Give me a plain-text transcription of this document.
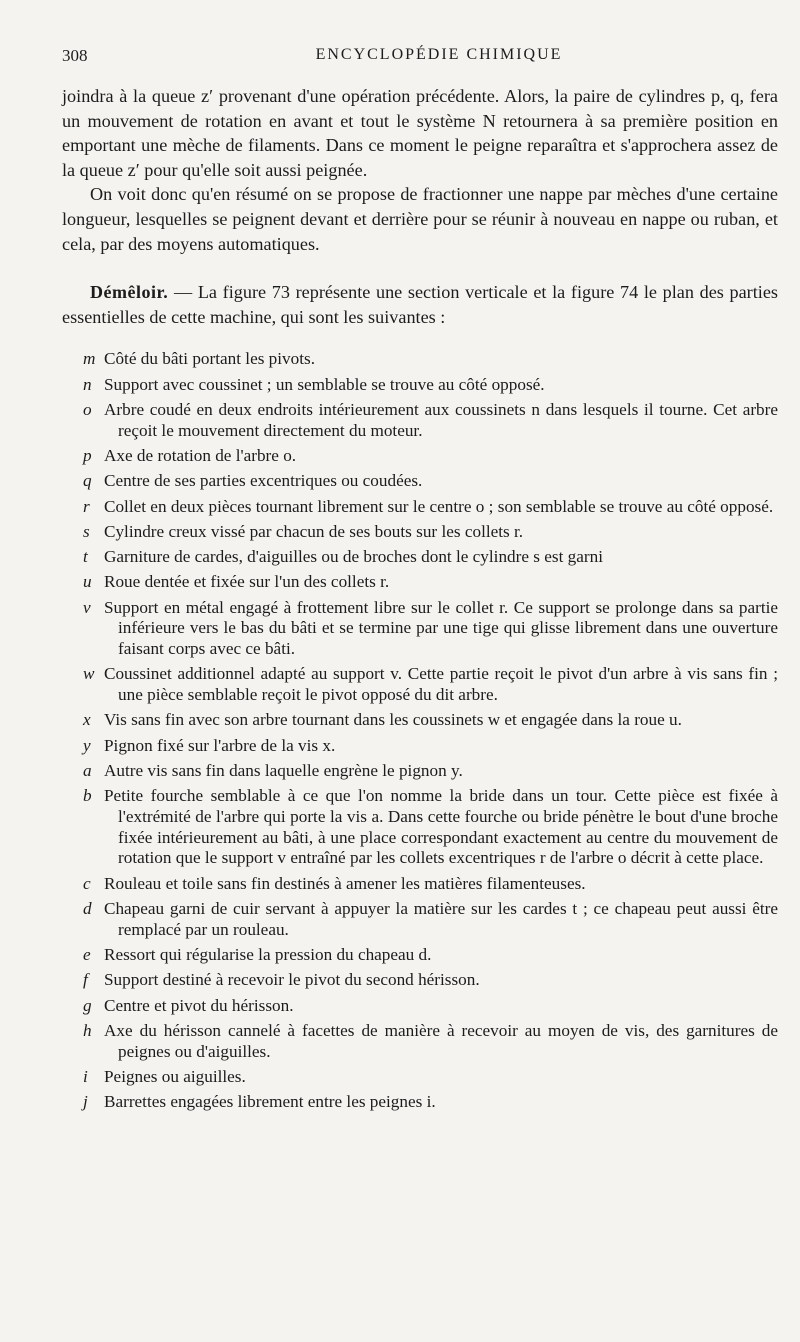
308	ENCYCLOPÉDIE CHIMIQUE

joindra à la queue z′ provenant d'une opération précédente. Alors, la paire de cylindres p, q, fera un mouvement de rotation en avant et tout le système N retournera à sa première position en emportant une mèche de filaments. Dans ce moment le peigne reparaîtra et s'approchera assez de la queue z′ pour qu'elle soit aussi peignée.

On voit donc qu'en résumé on se propose de fractionner une nappe par mèches d'une certaine longueur, lesquelles se peignent devant et derrière pour se réunir à nouveau en nappe ou ruban, et cela, par des moyens automatiques.

Démêloir. — La figure 73 représente une section verticale et la figure 74 le plan des parties essentielles de cette machine, qui sont les suivantes :

m Côté du bâti portant les pivots.
n Support avec coussinet ; un semblable se trouve au côté opposé.
o Arbre coudé en deux endroits intérieurement aux coussinets n dans lesquels il tourne. Cet arbre reçoit le mouvement directement du moteur.
p Axe de rotation de l'arbre o.
q Centre de ses parties excentriques ou coudées.
r Collet en deux pièces tournant librement sur le centre o ; son semblable se trouve au côté opposé.
s Cylindre creux vissé par chacun de ses bouts sur les collets r.
t Garniture de cardes, d'aiguilles ou de broches dont le cylindre s est garni
u Roue dentée et fixée sur l'un des collets r.
v Support en métal engagé à frottement libre sur le collet r. Ce support se prolonge dans sa partie inférieure vers le bas du bâti et se termine par une tige qui glisse librement dans une ouverture faisant corps avec ce bâti.
w Coussinet additionnel adapté au support v. Cette partie reçoit le pivot d'un arbre à vis sans fin ; une pièce semblable reçoit le pivot opposé du dit arbre.
x Vis sans fin avec son arbre tournant dans les coussinets w et engagée dans la roue u.
y Pignon fixé sur l'arbre de la vis x.
a Autre vis sans fin dans laquelle engrène le pignon y.
b Petite fourche semblable à ce que l'on nomme la bride dans un tour. Cette pièce est fixée à l'extrémité de l'arbre qui porte la vis a. Dans cette fourche ou bride pénètre le bout d'une broche fixée intérieurement au bâti, à une place correspondant exactement au centre du mouvement de rotation que le support v entraîné par les collets excentriques r de l'arbre o décrit à cette place.
c Rouleau et toile sans fin destinés à amener les matières filamenteuses.
d Chapeau garni de cuir servant à appuyer la matière sur les cardes t ; ce chapeau peut aussi être remplacé par un rouleau.
e Ressort qui régularise la pression du chapeau d.
f Support destiné à recevoir le pivot du second hérisson.
g Centre et pivot du hérisson.
h Axe du hérisson cannelé à facettes de manière à recevoir au moyen de vis, des garnitures de peignes ou d'aiguilles.
i Peignes ou aiguilles.
j Barrettes engagées librement entre les peignes i.
